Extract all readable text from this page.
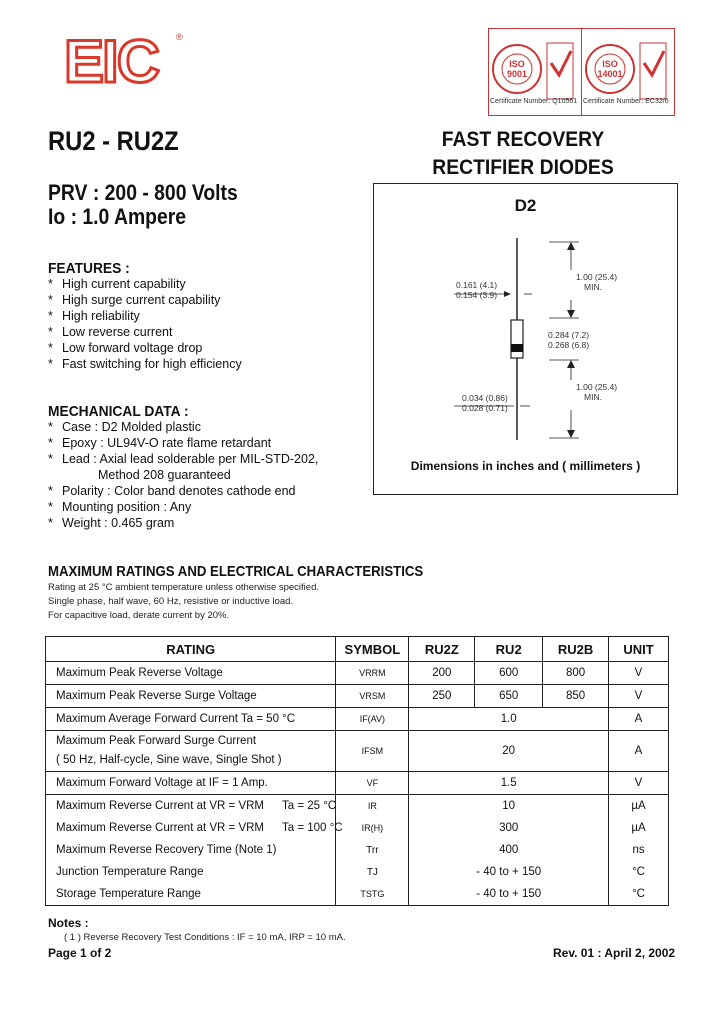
EIC ®
ISO
9001
Certificate Number: Q10561
ISO
14001
Certificate Number: EC32/6
RU2 - RU2Z	FAST RECOVERY
RECTIFIER DIODES
PRV : 200 - 800 Volts
Io : 1.0 Ampere
FEATURES :
* High current capability
* High surge current capability
* High reliability
* Low reverse current
* Low forward voltage drop
* Fast switching for high efficiency
MECHANICAL DATA :
* Case : D2 Molded plastic
* Epoxy : UL94V-O rate flame retardant
* Lead : Axial lead solderable per MIL-STD-202,
Method 208 guaranteed
* Polarity : Color band denotes cathode end
* Mounting position : Any
* Weight : 0.465 gram
D2
1.00 (25.4)
MIN.
0.161 (4.1)
0.154 (3.9)
0.284 (7.2)
0.268 (6.8)
1.00 (25.4)
MIN.
0.034 (0.86)
0.028 (0.71)
Dimensions in inches and ( millimeters )
MAXIMUM RATINGS AND ELECTRICAL CHARACTERISTICS
Rating at 25 °C ambient temperature unless otherwise specified.
Single phase, half wave, 60 Hz, resistive or inductive load.
For capacitive load, derate current by 20%.
RATING	SYMBOL	RU2Z	RU2	RU2B	UNIT
Maximum Peak Reverse Voltage	VRRM	200	600	800	V
Maximum Peak Reverse Surge Voltage	VRSM	250	650	850	V
Maximum Average Forward Current Ta = 50 °C	IF(AV)	1.0			A

Maximum Peak Forward Surge Current
( 50 Hz, Half-cycle, Sine wave, Single Shot )	IFSM	20			A
Maximum Forward Voltage at IF = 1 Amp.	VF	1.5			V
Maximum Reverse Current at VR = VRM Ta = 25 °C	IR	10			µA
Maximum Reverse Current at VR = VRM Ta = 100 °C	IR(H)	300			µA
Maximum Reverse Recovery Time (Note 1)	Trr	400			ns
Junction Temperature Range	TJ	- 40 to + 150			°C
Storage Temperature Range	TSTG	- 40 to + 150			°C
Notes :
( 1 ) Reverse Recovery Test Conditions : IF = 10 mA, IRP = 10 mA.
Page 1 of 2	Rev. 01 : April 2, 2002
